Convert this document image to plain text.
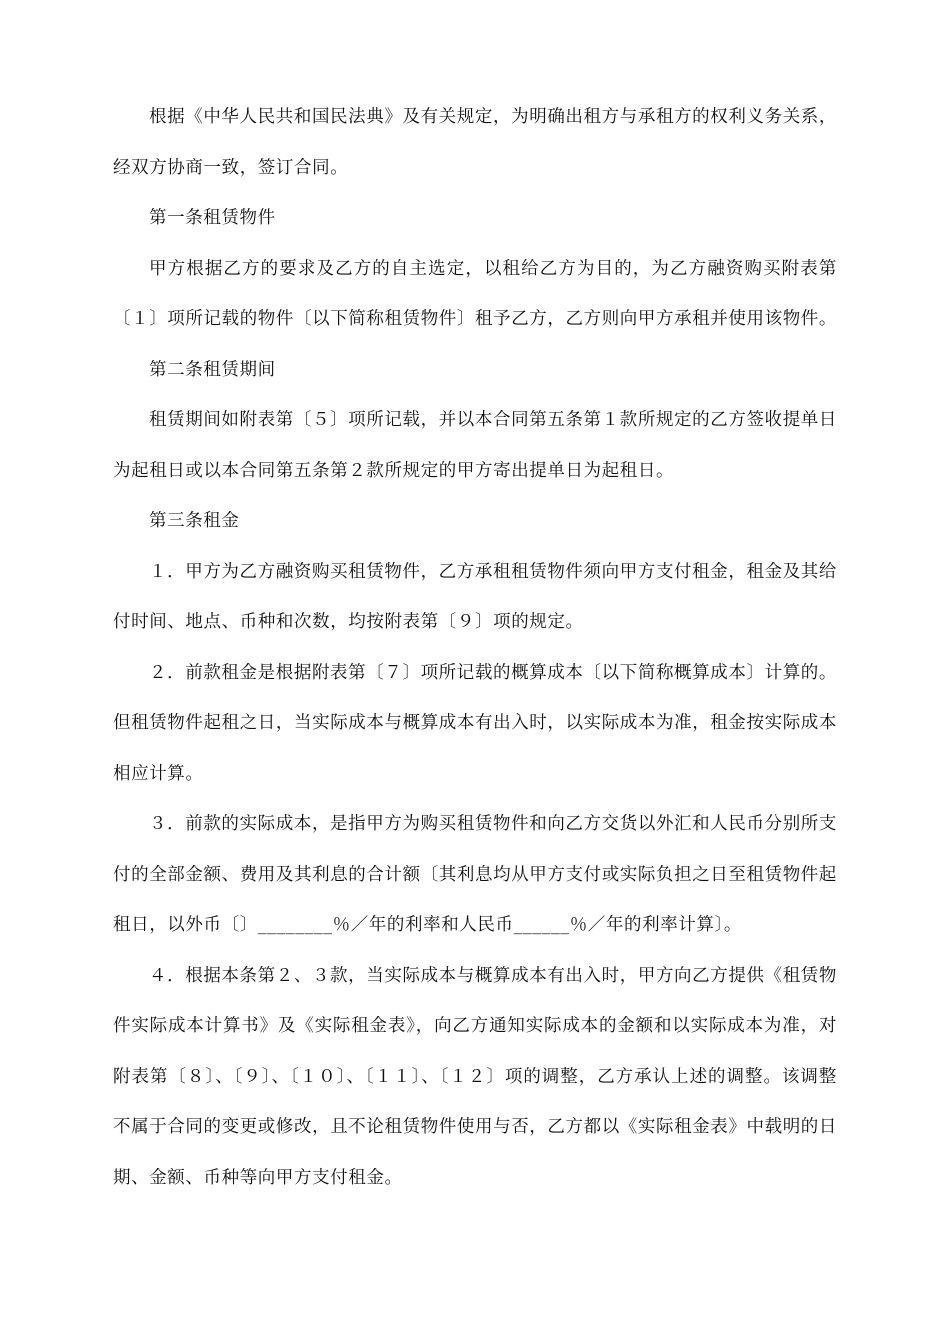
根据《中华人民共和国民法典》及有关规定，为明确出租方与承租方的权利义务关系，经双方协商一致，签订合同。

第一条租赁物件

甲方根据乙方的要求及乙方的自主选定，以租给乙方为目的，为乙方融资购买附表第〔１〕项所记载的物件〔以下简称租赁物件〕租予乙方，乙方则向甲方承租并使用该物件。

第二条租赁期间

租赁期间如附表第〔５〕项所记载，并以本合同第五条第１款所规定的乙方签收提单日为起租日或以本合同第五条第２款所规定的甲方寄出提单日为起租日。

第三条租金

１．甲方为乙方融资购买租赁物件，乙方承租租赁物件须向甲方支付租金，租金及其给付时间、地点、币种和次数，均按附表第〔９〕项的规定。

２．前款租金是根据附表第〔７〕项所记载的概算成本〔以下简称概算成本〕计算的。但租赁物件起租之日，当实际成本与概算成本有出入时，以实际成本为准，租金按实际成本相应计算。

３．前款的实际成本，是指甲方为购买租赁物件和向乙方交货以外汇和人民币分别所支付的全部金额、费用及其利息的合计额〔其利息均从甲方支付或实际负担之日至租赁物件起租日，以外币〔〕________％／年的利率和人民币______％／年的利率计算〕。

４．根据本条第２、３款，当实际成本与概算成本有出入时，甲方向乙方提供《租赁物件实际成本计算书》及《实际租金表》，向乙方通知实际成本的金额和以实际成本为准，对附表第〔８〕、〔９〕、〔１０〕、〔１１〕、〔１２〕项的调整，乙方承认上述的调整。该调整不属于合同的变更或修改，且不论租赁物件使用与否，乙方都以《实际租金表》中载明的日期、金额、币种等向甲方支付租金。
